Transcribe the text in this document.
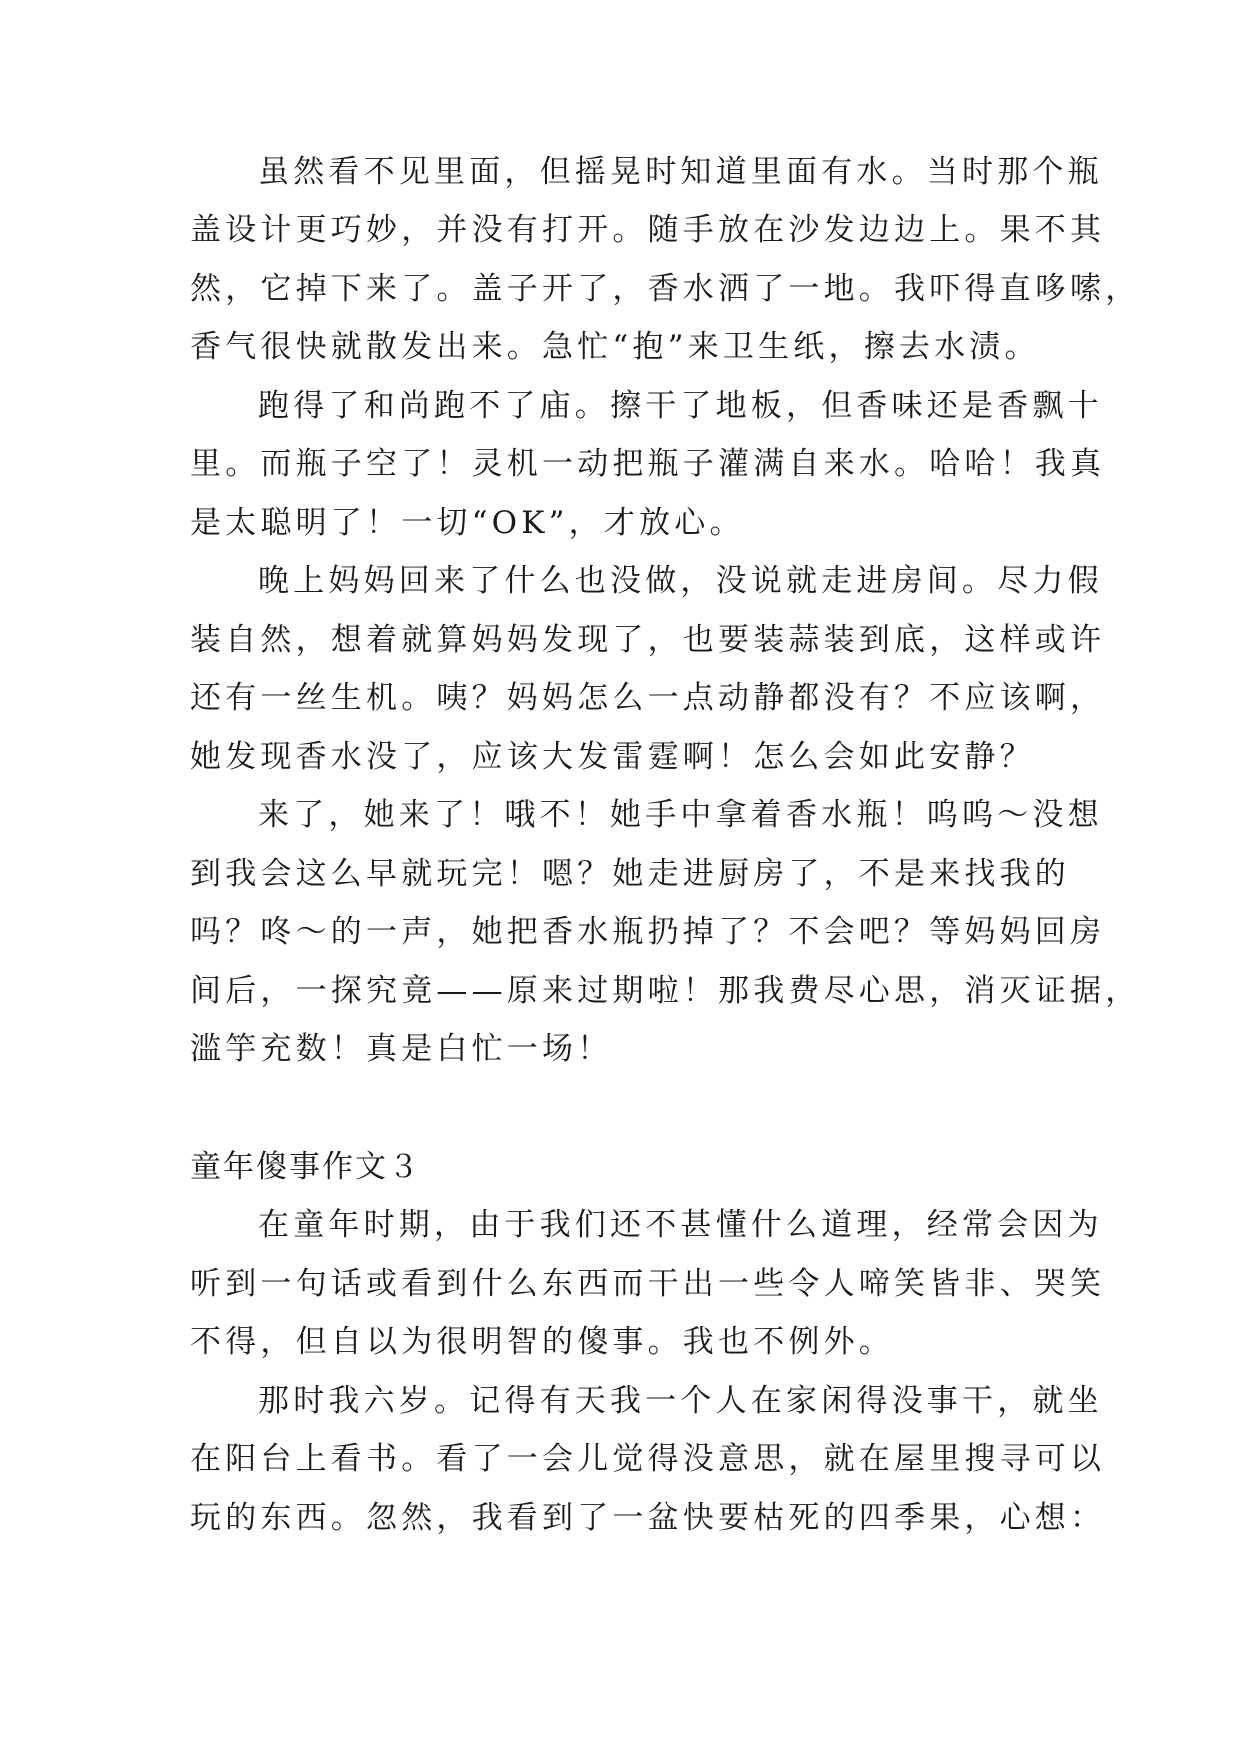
虽然看不见里面，但摇晃时知道里面有水。当时那个瓶
盖设计更巧妙，并没有打开。随手放在沙发边边上。果不其
然，它掉下来了。盖子开了，香水洒了一地。我吓得直哆嗦，
香气很快就散发出来。急忙“抱”来卫生纸，擦去水渍。
跑得了和尚跑不了庙。擦干了地板，但香味还是香飘十
里。而瓶子空了！灵机一动把瓶子灌满自来水。哈哈！我真
是太聪明了！一切“OK”，才放心。
晚上妈妈回来了什么也没做，没说就走进房间。尽力假
装自然，想着就算妈妈发现了，也要装蒜装到底，这样或许
还有一丝生机。咦？妈妈怎么一点动静都没有？不应该啊，
她发现香水没了，应该大发雷霆啊！怎么会如此安静？
来了，她来了！哦不！她手中拿着香水瓶！呜呜～没想
到我会这么早就玩完！嗯？她走进厨房了，不是来找我的
吗？咚～的一声，她把香水瓶扔掉了？不会吧？等妈妈回房
间后，一探究竟——原来过期啦！那我费尽心思，消灭证据，
滥竽充数！真是白忙一场！
童年傻事作文３
在童年时期，由于我们还不甚懂什么道理，经常会因为
听到一句话或看到什么东西而干出一些令人啼笑皆非、哭笑
不得，但自以为很明智的傻事。我也不例外。
那时我六岁。记得有天我一个人在家闲得没事干，就坐
在阳台上看书。看了一会儿觉得没意思，就在屋里搜寻可以
玩的东西。忽然，我看到了一盆快要枯死的四季果，心想：
